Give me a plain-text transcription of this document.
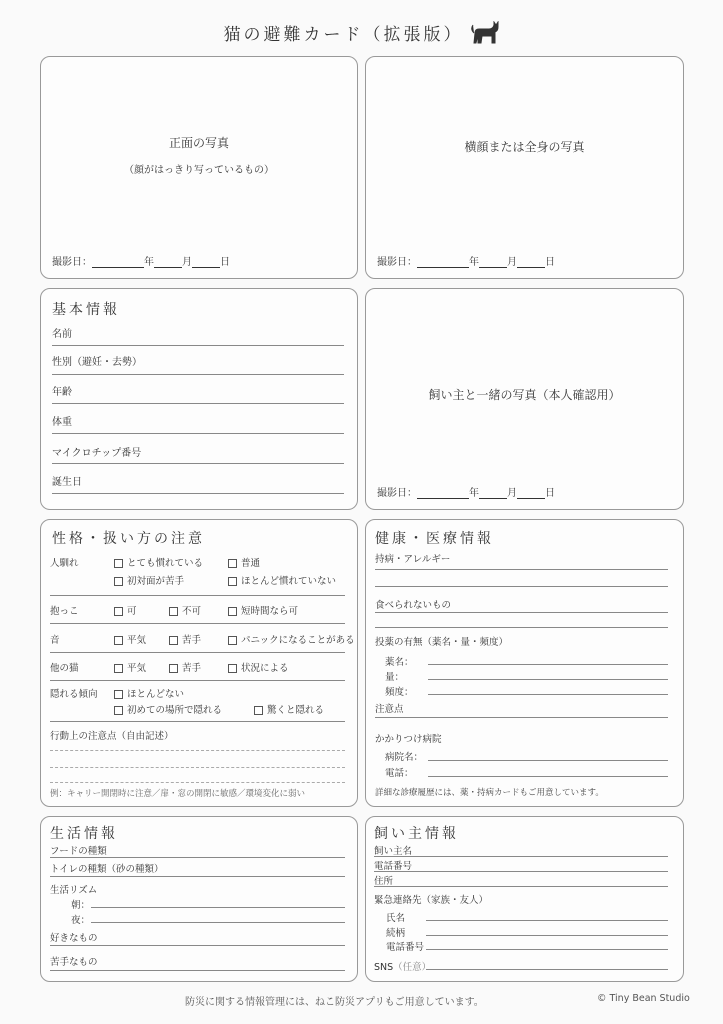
猫の避難カード（拡張版）
正面の写真
（顔がはっきり写っているもの）
撮影日：	年	月	日
横顔または全身の写真
撮影日：	年	月	日
基本情報
名前
性別（避妊・去勢）
年齢
体重
マイクロチップ番号
誕生日
飼い主と一緒の写真（本人確認用）
撮影日：	年	月	日
性格・扱い方の注意
人馴れ	とても慣れている	普通
初対面が苦手	ほとんど慣れていない
抱っこ	可	不可	短時間なら可
音	平気	苦手	パニックになることがある
他の猫	平気	苦手	状況による
隠れる傾向	ほとんどない
初めての場所で隠れる	驚くと隠れる
行動上の注意点（自由記述）
例：キャリー開閉時に注意／扉・窓の開閉に敏感／環境変化に弱い
健康・医療情報
持病・アレルギー
食べられないもの
投薬の有無（薬名・量・頻度）
薬名：
量：
頻度：
注意点
かかりつけ病院
病院名：
電話：
詳細な診療履歴には、薬・持病カードもご用意しています。
生活情報
フードの種類
トイレの種類（砂の種類）
生活リズム
朝：
夜：
好きなもの
苦手なもの
飼い主情報
飼い主名
電話番号
住所
緊急連絡先（家族・友人）
氏名
続柄
電話番号
SNS（任意）
防災に関する情報管理には、ねこ防災アプリもご用意しています。	© Tiny Bean Studio
